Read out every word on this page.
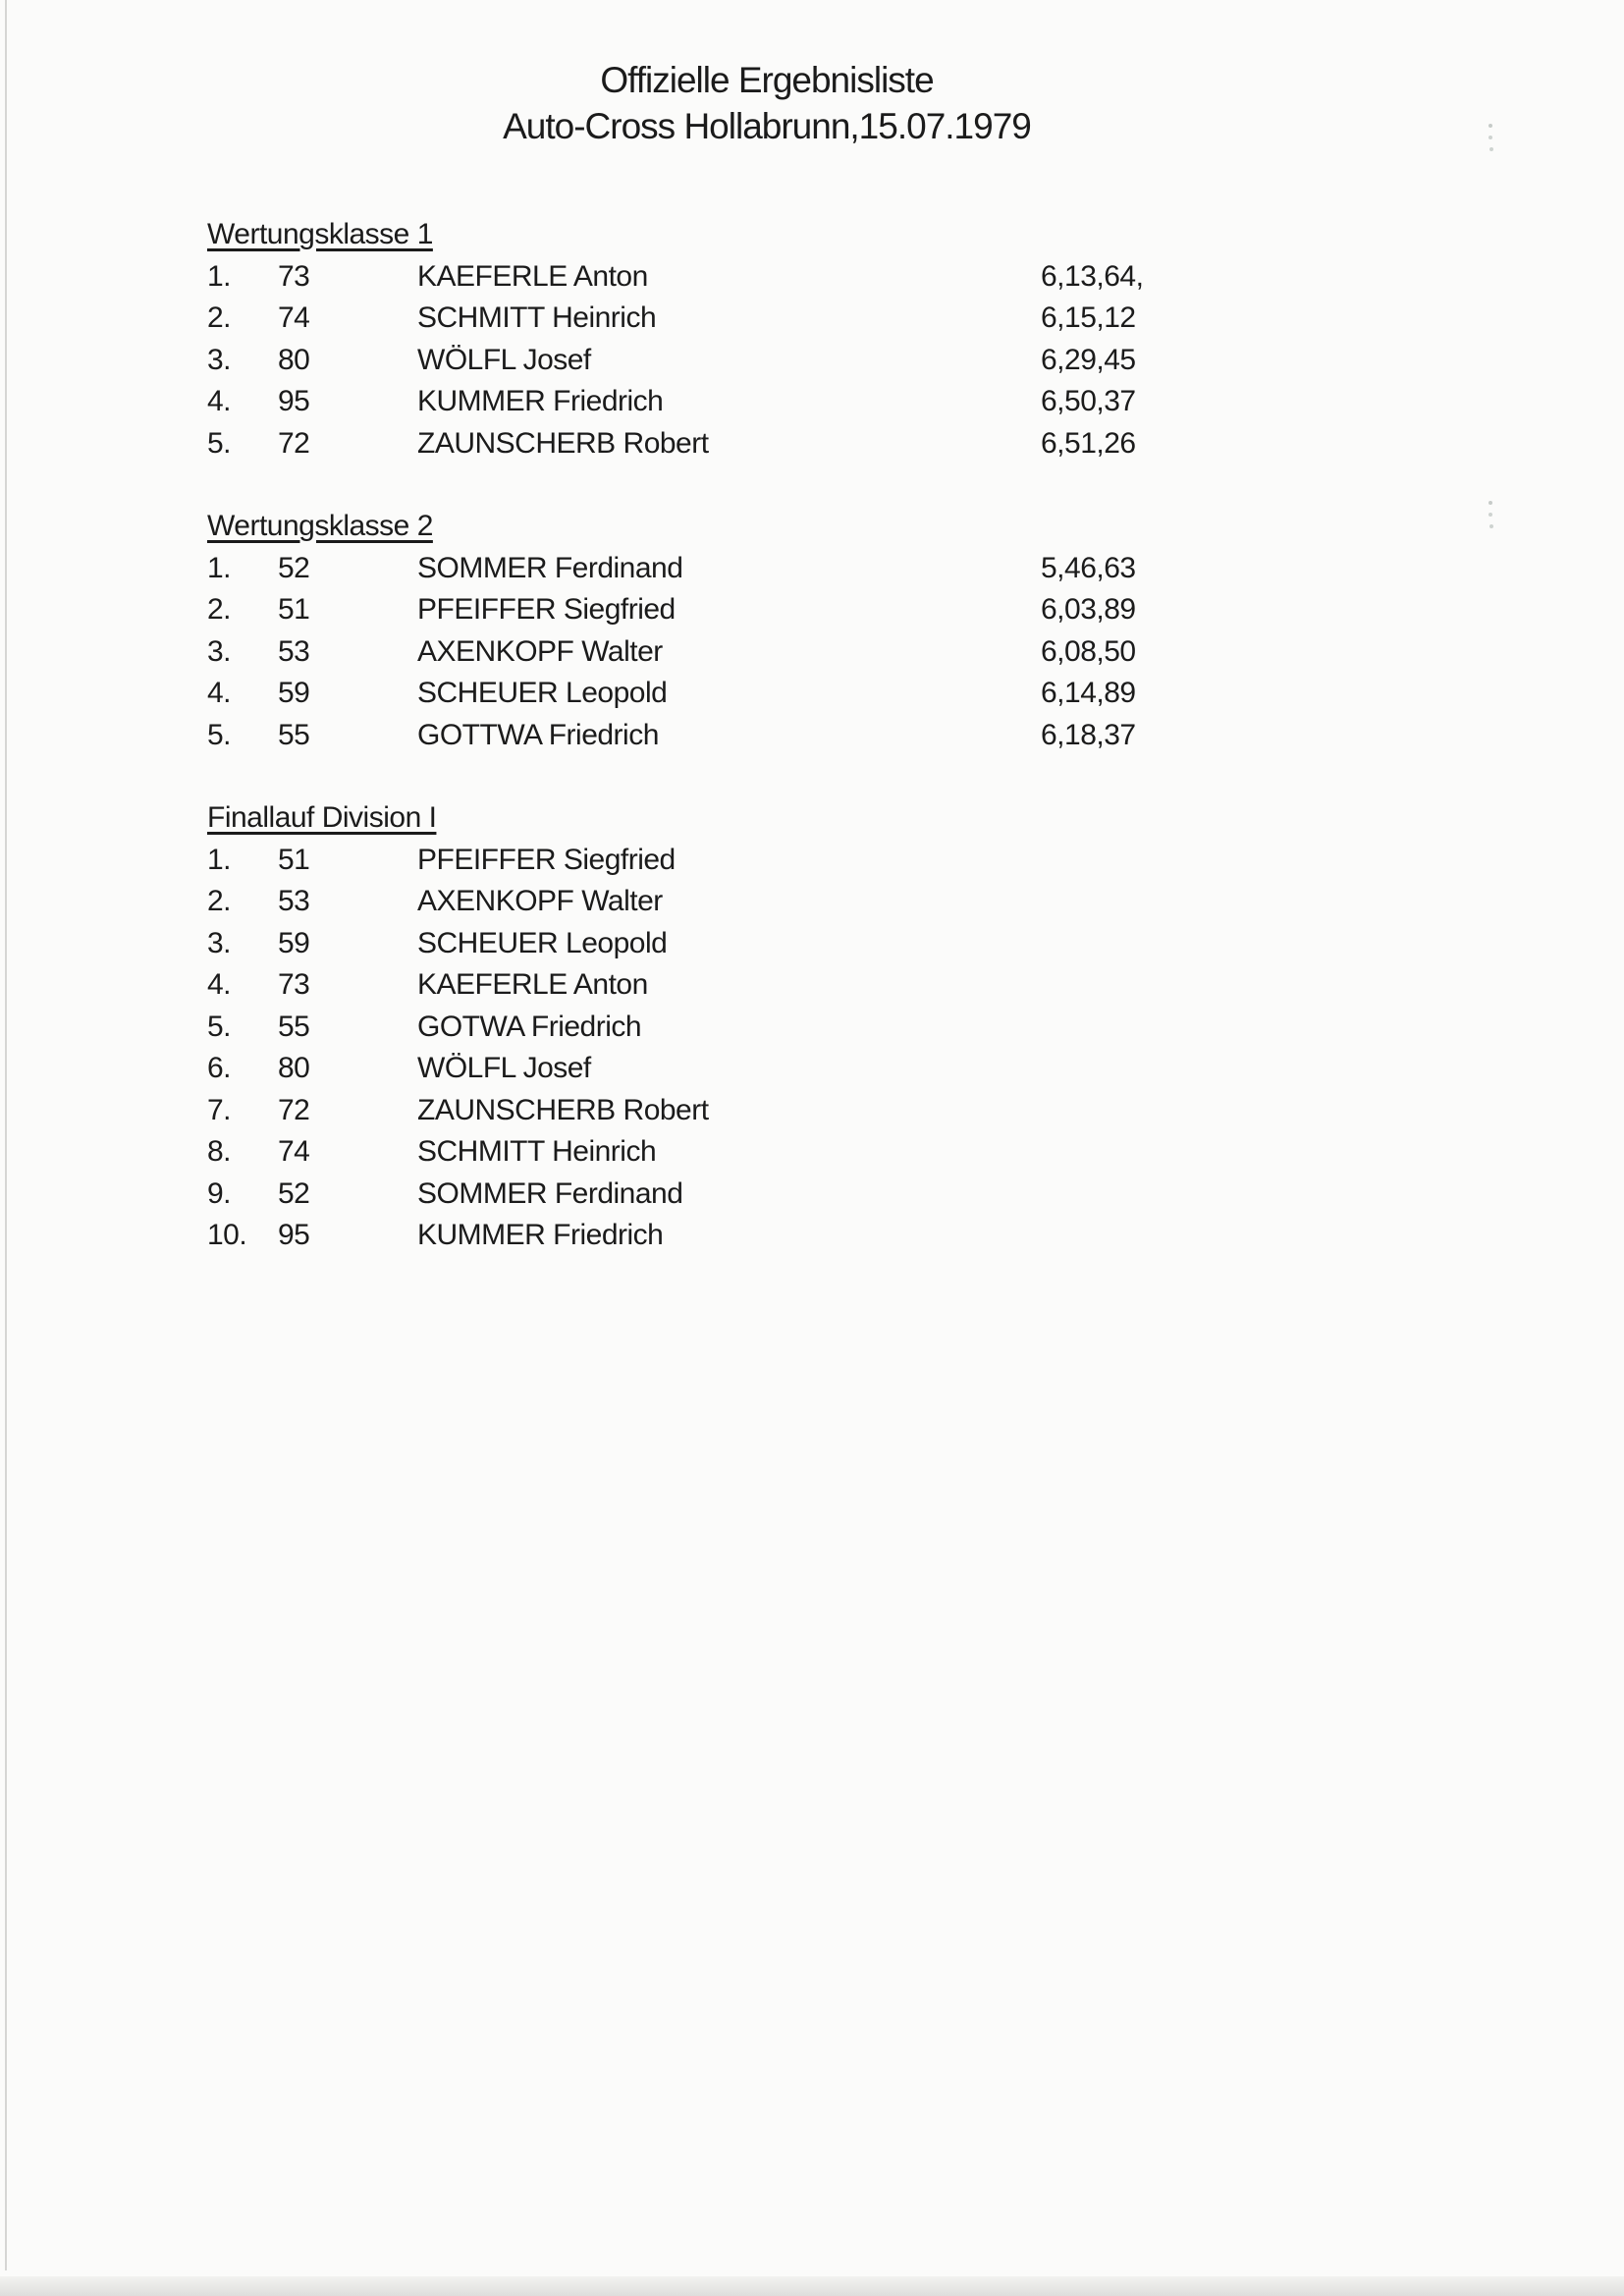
Offizielle Ergebnisliste
Auto-Cross Hollabrunn,15.07.1979
Wertungsklasse 1
1.	73	KAEFERLE Anton	6,13,64,
2.	74	SCHMITT Heinrich	6,15,12
3.	80	WÖLFL Josef	6,29,45
4.	95	KUMMER Friedrich	6,50,37
5.	72	ZAUNSCHERB Robert	6,51,26
Wertungsklasse 2
1.	52	SOMMER Ferdinand	5,46,63
2.	51	PFEIFFER Siegfried	6,03,89
3.	53	AXENKOPF Walter	6,08,50
4.	59	SCHEUER Leopold	6,14,89
5.	55	GOTTWA Friedrich	6,18,37
Finallauf Division I
1.	51	PFEIFFER Siegfried
2.	53	AXENKOPF Walter
3.	59	SCHEUER Leopold
4.	73	KAEFERLE Anton
5.	55	GOTWA Friedrich
6.	80	WÖLFL Josef
7.	72	ZAUNSCHERB Robert
8.	74	SCHMITT Heinrich
9.	52	SOMMER Ferdinand
10.	95	KUMMER Friedrich
